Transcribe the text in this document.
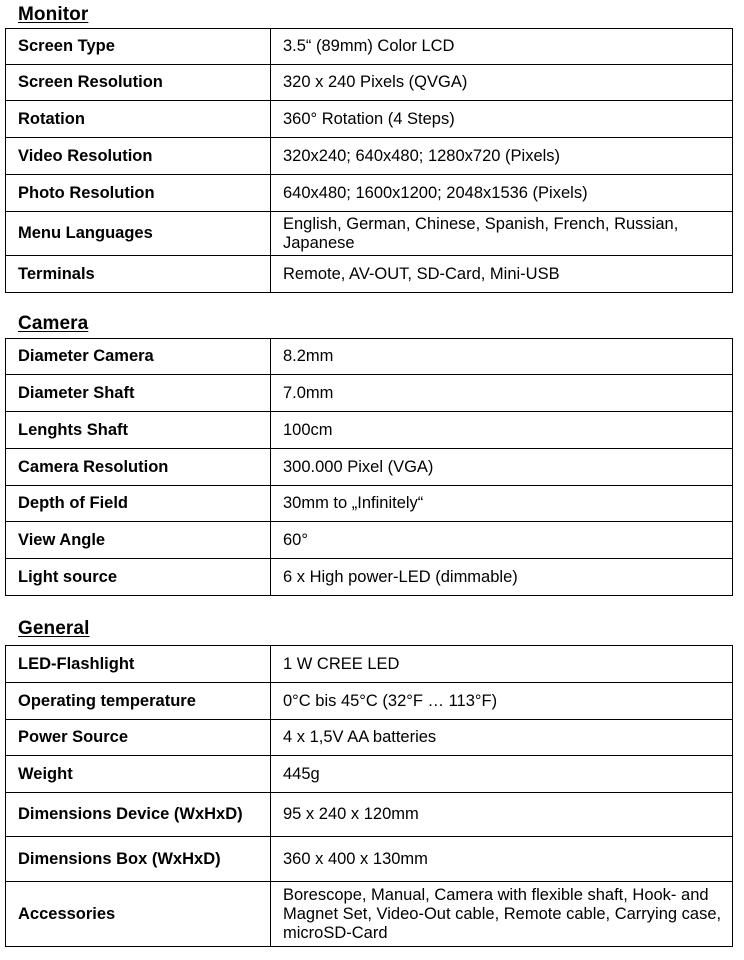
Monitor
Screen Type	3.5“ (89mm) Color LCD
Screen Resolution	320 x 240 Pixels (QVGA)
Rotation	360° Rotation (4 Steps)
Video Resolution	320x240; 640x480; 1280x720 (Pixels)
Photo Resolution	640x480; 1600x1200; 2048x1536 (Pixels)
Menu Languages	English, German, Chinese, Spanish, French, Russian, Japanese
Terminals	Remote, AV-OUT, SD-Card, Mini-USB
Camera
Diameter Camera	8.2mm
Diameter Shaft	7.0mm
Lenghts Shaft	100cm
Camera Resolution	300.000 Pixel (VGA)
Depth of Field	30mm to „Infinitely“
View Angle	60°
Light source	6 x High power-LED (dimmable)
General
LED-Flashlight	1 W CREE LED
Operating temperature	0°C bis 45°C (32°F … 113°F)
Power Source	4 x 1,5V AA batteries
Weight	445g
Dimensions Device (WxHxD)	95 x 240 x 120mm
Dimensions Box (WxHxD)	360 x 400 x 130mm
Accessories	Borescope, Manual, Camera with flexible shaft, Hook- and Magnet Set, Video-Out cable, Remote cable, Carrying case, microSD-Card
